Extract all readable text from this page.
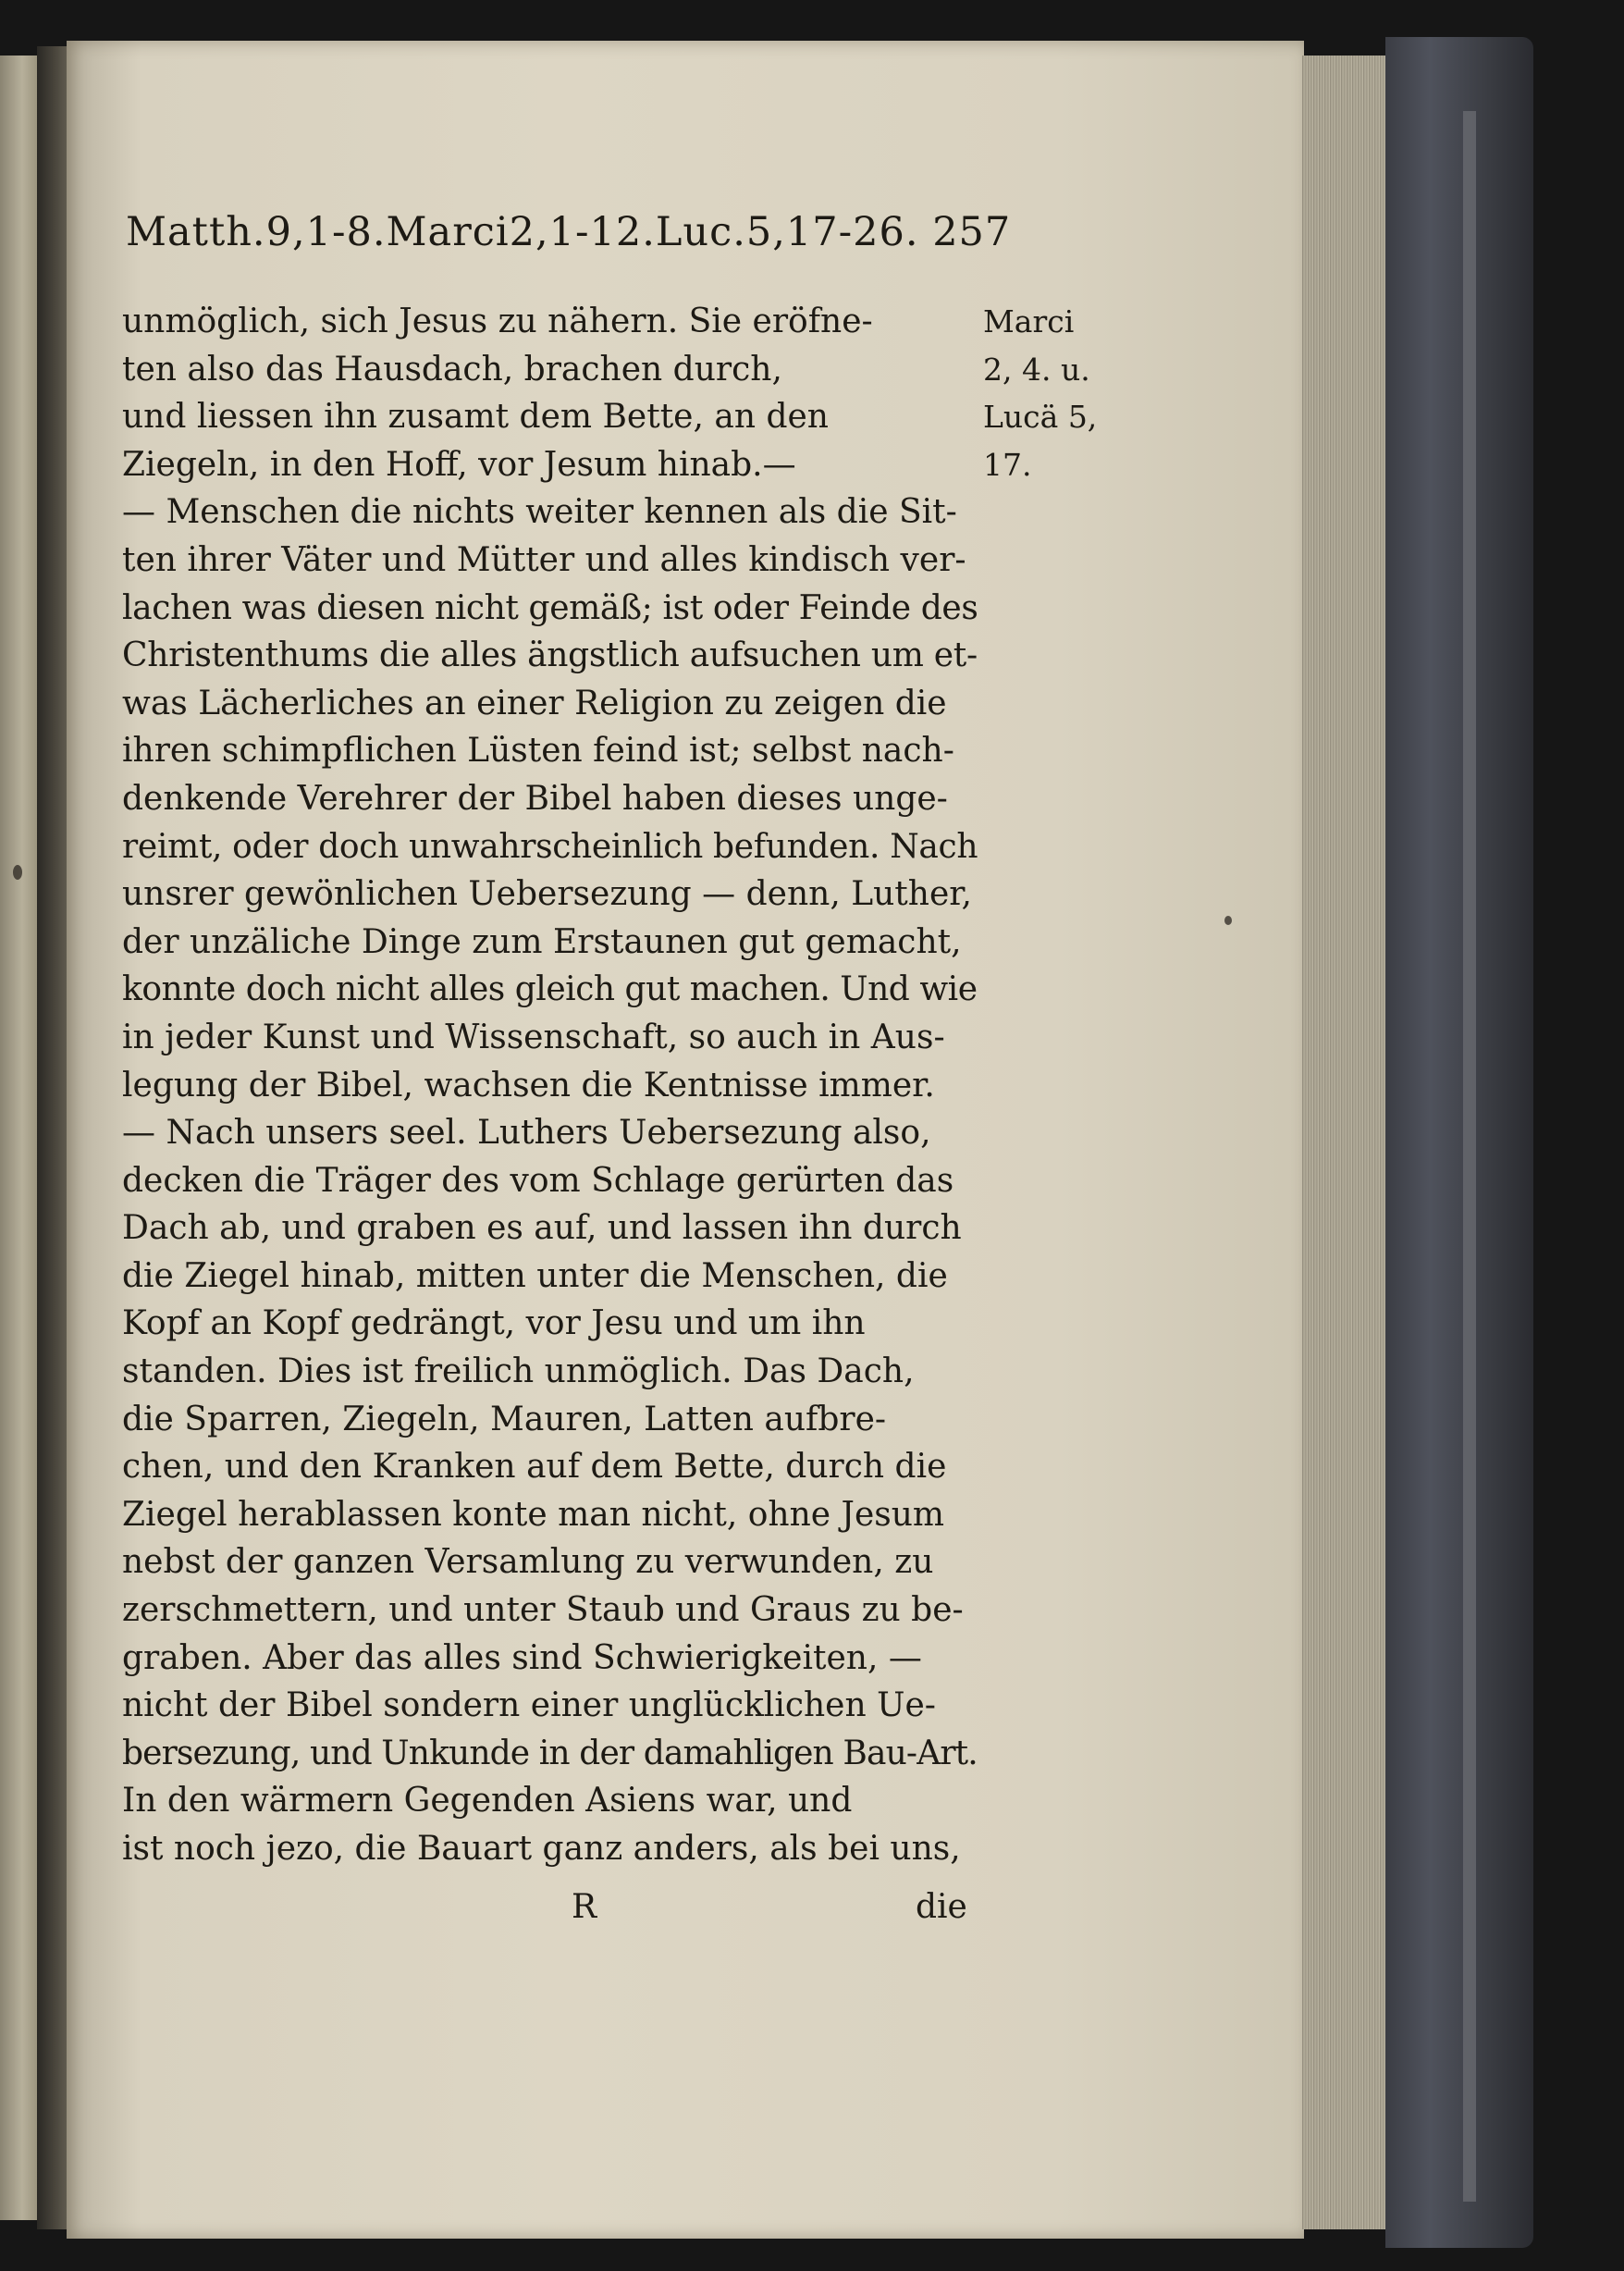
Matth.9,1-8.Marci2,1-12.Luc.5,17-26. 257
unmöglich, sich Jesus zu nähern. Sie eröfne-
ten also das Hausdach, brachen durch,
und liessen ihn zusamt dem Bette, an den
Ziegeln, in den Hoff, vor Jesum hinab.—
— Menschen die nichts weiter kennen als die Sit-
ten ihrer Väter und Mütter und alles kindisch ver-
lachen was diesen nicht gemäß; ist oder Feinde des
Christenthums die alles ängstlich aufsuchen um et-
was Lächerliches an einer Religion zu zeigen die
ihren schimpflichen Lüsten feind ist; selbst nach-
denkende Verehrer der Bibel haben dieses unge-
reimt, oder doch unwahrscheinlich befunden. Nach
unsrer gewönlichen Uebersezung — denn, Luther,
der unzäliche Dinge zum Erstaunen gut gemacht,
konnte doch nicht alles gleich gut machen. Und wie
in jeder Kunst und Wissenschaft, so auch in Aus-
legung der Bibel, wachsen die Kentnisse immer.
— Nach unsers seel. Luthers Uebersezung also,
decken die Träger des vom Schlage gerürten das
Dach ab, und graben es auf, und lassen ihn durch
die Ziegel hinab, mitten unter die Menschen, die
Kopf an Kopf gedrängt, vor Jesu und um ihn
standen. Dies ist freilich unmöglich. Das Dach,
die Sparren, Ziegeln, Mauren, Latten aufbre-
chen, und den Kranken auf dem Bette, durch die
Ziegel herablassen konte man nicht, ohne Jesum
nebst der ganzen Versamlung zu verwunden, zu
zerschmettern, und unter Staub und Graus zu be-
graben. Aber das alles sind Schwierigkeiten, —
nicht der Bibel sondern einer unglücklichen Ue-
bersezung, und Unkunde in der damahligen Bau-Art.
In den wärmern Gegenden Asiens war, und
ist noch jezo, die Bauart ganz anders, als bei uns,
Marci
2, 4. u.
Lucä 5,
17.
R	die
